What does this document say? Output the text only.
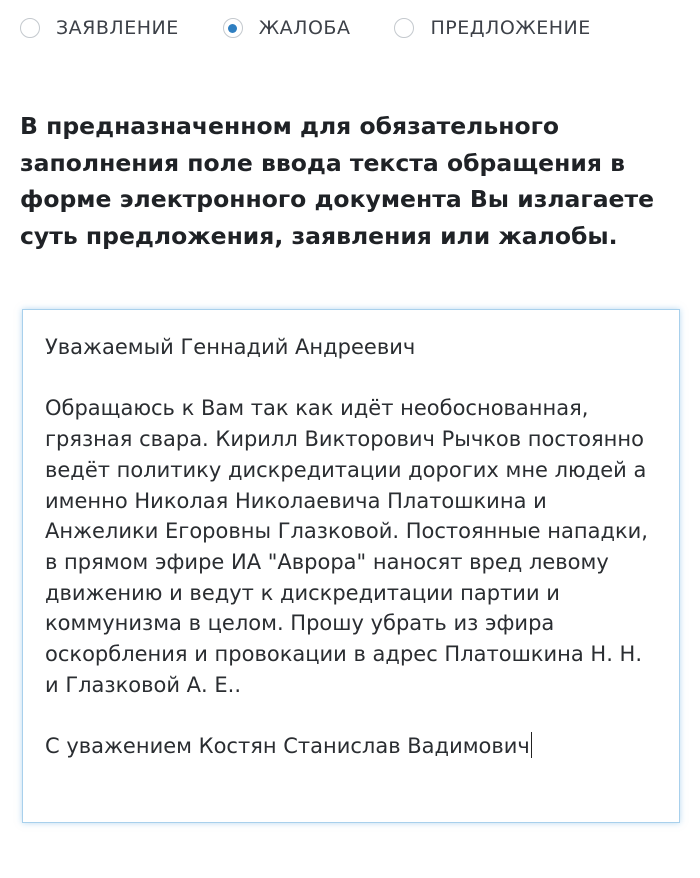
ЗАЯВЛЕНИЕ	ЖАЛОБА	ПРЕДЛОЖЕНИЕ

В предназначенном для обязательного заполнения поле ввода текста обращения в форме электронного документа Вы излагаете суть предложения, заявления или жалобы.

Уважаемый Геннадий Андреевич

Обращаюсь к Вам так как идёт необоснованная, грязная свара. Кирилл Викторович Рычков постоянно ведёт политику дискредитации дорогих мне людей а именно Николая Николаевича Платошкина и Анжелики Егоровны Глазковой. Постоянные нападки, в прямом эфире ИА "Аврора" наносят вред левому движению и ведут к дискредитации партии и коммунизма в целом. Прошу убрать из эфира оскорбления и провокации в адрес Платошкина Н. Н. и Глазковой А. Е..

С уважением Костян Станислав Вадимович
